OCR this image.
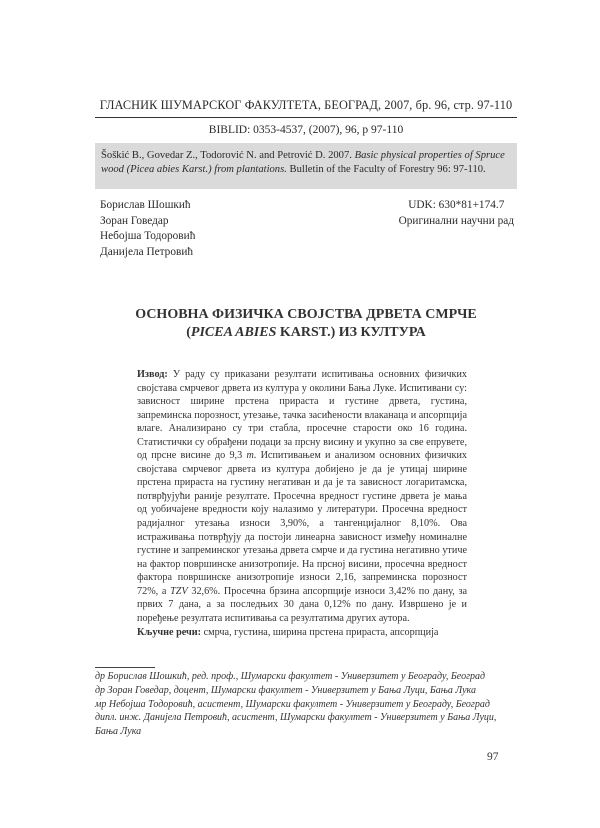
ГЛАСНИК ШУМАРСКОГ ФАКУЛТЕТА, БЕОГРАД, 2007, бр. 96, стр. 97-110
BIBLID: 0353-4537, (2007), 96, p 97-110
Šoškić B., Govedar Z., Todorović N. and Petrović D. 2007. Basic physical properties of Spruce wood (Picea abies Karst.) from plantations. Bulletin of the Faculty of Forestry 96: 97-110.
Борислав Шошкић
Зоран Говедар
Небојша Тодоровић
Данијела Петровић
UDK: 630*81+174.7
Оригинални научни рад
ОСНОВНА ФИЗИЧКА СВОЈСТВА ДРВЕТА СМРЧЕ
(PICEA ABIES KARST.) ИЗ КУЛТУРА
Извод: У раду су приказани резултати испитивања основних физичких својстава смрчевог дрвета из култура у околини Бања Луке. Испитивани су: зависност ширине прстена прираста и густине дрвета, густина, запреминска порозност, утезање, тачка засићености влаканаца и апсорпција влаге. Анализирано су три стабла, просечне старости око 16 година. Статистички су обрађени подаци за прсну висину и укупно за све епрувете, од прсне висине до 9,3 m. Испитивањем и анализом основних физичких својстава смрчевог дрвета из култура добијено је да је утицај ширине прстена прираста на густину негативан и да је та зависност логаритамска, потврђујући раније резултате. Просечна вредност густине дрвета је мања од уобичајене вредности коју налазимо у литератури. Просечна вредност радијалног утезања износи 3,90%, а тангенцијалног 8,10%. Ова истраживања потврђују да постоји линеарна зависност између номиналне густине и запреминског утезања дрвета смрче и да густина негативно утиче на фактор површинске анизотропије. На прсној висини, просечна вредност фактора површинске анизотропије износи 2,16, запреминска порозност 72%, а TZV 32,6%. Просечна брзина апсорпције износи 3,42% по дану, за првих 7 дана, а за последњих 30 дана 0,12% по дану. Извршено је и поређење резултата испитивања са резултатима других аутора.
Кључне речи: смрча, густина, ширина прстена прираста, апсорпција
др Борислав Шошкић, ред. проф., Шумарски факултет - Универзитет у Београду, Београд
др Зоран Говедар, доцент, Шумарски факултет - Универзитет у Бања Луци, Бања Лука
мр Небојша Тодоровић, асистент, Шумарски факултет - Универзитет у Београду, Београд
дипл. инж. Данијела Петровић, асистент, Шумарски факултет - Универзитет у Бања Луци,
Бања Лука
97
